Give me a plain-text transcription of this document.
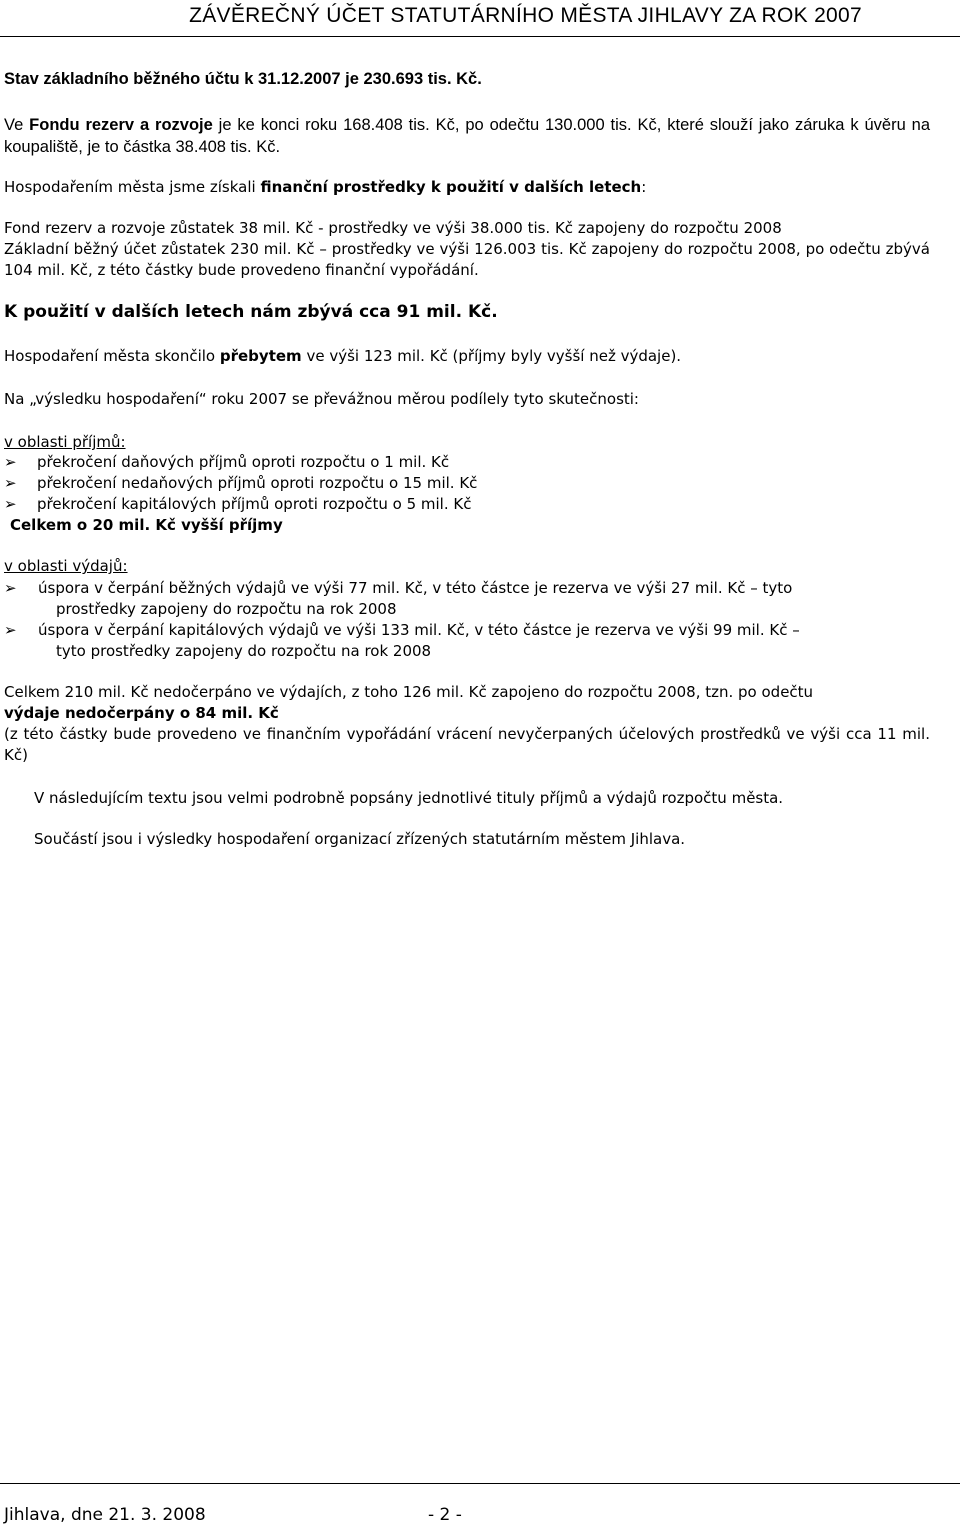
ZÁVĚREČNÝ ÚČET STATUTÁRNÍHO MĚSTA JIHLAVY ZA ROK 2007
Stav základního běžného účtu k 31.12.2007 je 230.693 tis. Kč.
Ve Fondu rezerv a rozvoje je ke konci roku 168.408 tis. Kč, po odečtu 130.000 tis. Kč, které slouží jako záruka k úvěru na koupaliště, je to částka 38.408 tis. Kč.
Hospodařením města jsme získali finanční prostředky k použití v dalších letech:
Fond rezerv a rozvoje zůstatek 38 mil. Kč - prostředky ve výši 38.000 tis. Kč zapojeny do rozpočtu 2008
Základní běžný účet zůstatek 230 mil. Kč – prostředky ve výši 126.003 tis. Kč zapojeny do rozpočtu 2008, po odečtu zbývá 104 mil. Kč, z této částky bude provedeno finanční vypořádání.
K použití v dalších letech nám zbývá cca 91 mil. Kč.
Hospodaření města skončilo přebytem ve výši 123 mil. Kč (příjmy byly vyšší než výdaje).
Na „výsledku hospodaření“ roku 2007 se převážnou měrou podílely tyto skutečnosti:
v oblasti příjmů:
➢ překročení daňových příjmů oproti rozpočtu o 1 mil. Kč
➢ překročení nedaňových příjmů oproti rozpočtu o 15 mil. Kč
➢ překročení kapitálových příjmů oproti rozpočtu o 5 mil. Kč
Celkem o 20 mil. Kč vyšší příjmy
v oblasti výdajů:
➢ úspora v čerpání běžných výdajů ve výši 77 mil. Kč, v této částce je rezerva ve výši 27 mil. Kč – tyto
prostředky zapojeny do rozpočtu na rok 2008
➢ úspora v čerpání kapitálových výdajů ve výši 133 mil. Kč, v této částce je rezerva ve výši 99 mil. Kč –
tyto prostředky zapojeny do rozpočtu na rok 2008
Celkem 210 mil. Kč nedočerpáno ve výdajích, z toho 126 mil. Kč zapojeno do rozpočtu 2008, tzn. po odečtu
výdaje nedočerpány o 84 mil. Kč
(z této částky bude provedeno ve finančním vypořádání vrácení nevyčerpaných účelových prostředků ve výši cca 11 mil. Kč)
V následujícím textu jsou velmi podrobně popsány jednotlivé tituly příjmů a výdajů rozpočtu města.
Součástí jsou i výsledky hospodaření organizací zřízených statutárním městem Jihlava.
Jihlava, dne 21. 3. 2008	- 2 -
